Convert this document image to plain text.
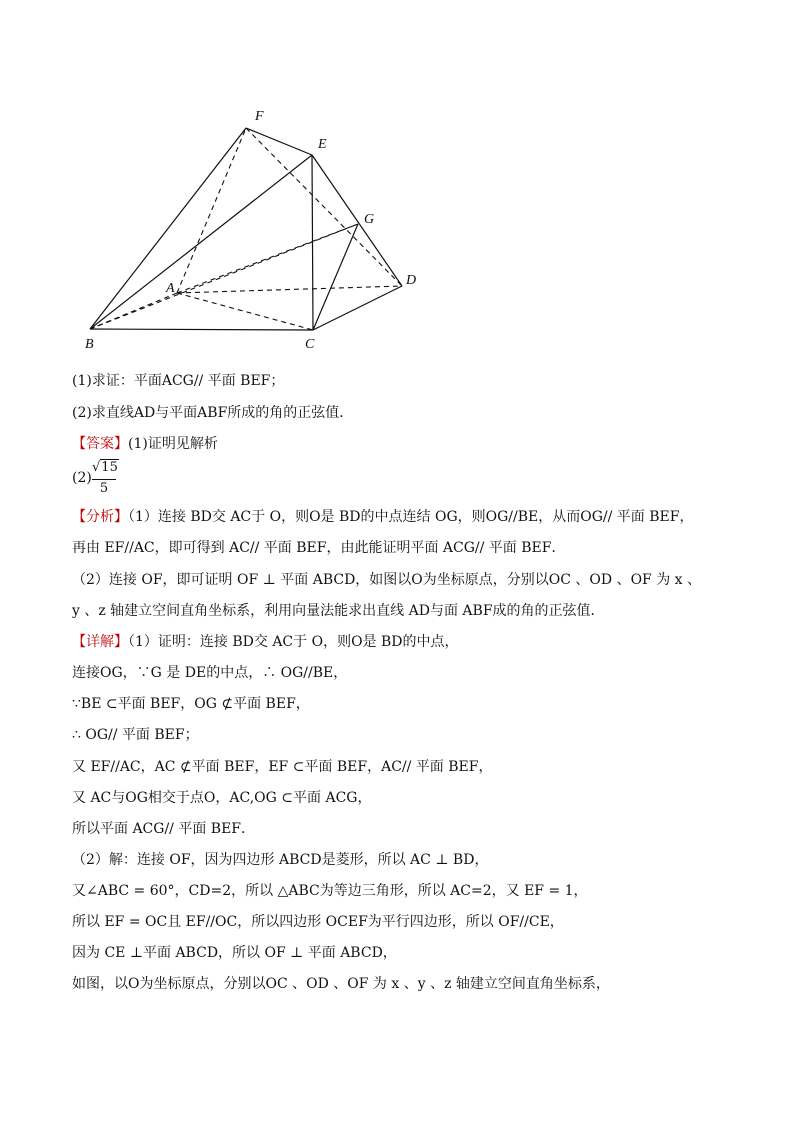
F
E
G
A
D
B	C
(1)求证：平面ACG// 平面 BEF；
(2)求直线AD与平面ABF所成的角的正弦值．
【答案】(1)证明见解析
(2)
√15
5
【分析】（1）连接 BD交 AC于 O，则O是 BD的中点连结 OG，则OG//BE，从而OG// 平面 BEF，
再由 EF//AC，即可得到 AC// 平面 BEF，由此能证明平面 ACG// 平面 BEF．
（2）连接 OF，即可证明 OF ⊥ 平面 ABCD，如图以O为坐标原点，分别以OC 、OD 、OF 为 x 、
y 、z 轴建立空间直角坐标系，利用向量法能求出直线 AD与面 ABF成的角的正弦值．
【详解】（1）证明：连接 BD交 AC于 O，则O是 BD的中点，
连接OG，∵G 是 DE的中点，∴ OG//BE，
∵BE ⊂平面 BEF，OG ⊄平面 BEF，
∴ OG// 平面 BEF；
又 EF//AC，AC ⊄平面 BEF，EF ⊂平面 BEF，AC// 平面 BEF，
又 AC与OG相交于点O，AC,OG ⊂平面 ACG，
所以平面 ACG// 平面 BEF．
（2）解：连接 OF，因为四边形 ABCD是菱形，所以 AC ⊥ BD，
又∠ABC = 60°，CD=2，所以 △ABC为等边三角形，所以 AC=2，又 EF = 1，
所以 EF = OC且 EF//OC，所以四边形 OCEF为平行四边形，所以 OF//CE，
因为 CE ⊥平面 ABCD，所以 OF ⊥ 平面 ABCD，
如图，以O为坐标原点，分别以OC 、OD 、OF 为 x 、y 、z 轴建立空间直角坐标系，
